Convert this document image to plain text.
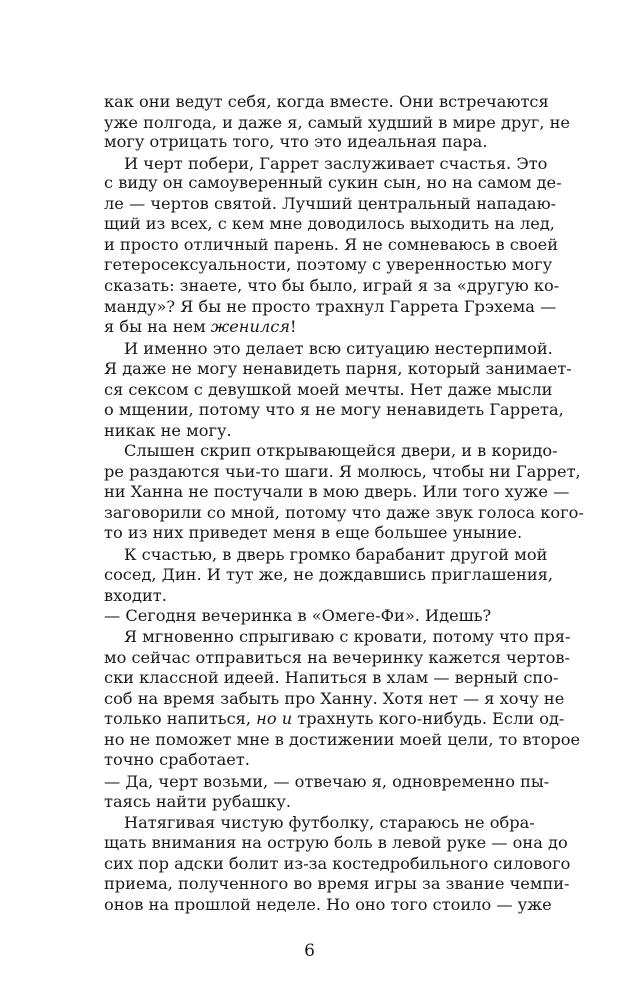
как они ведут себя, когда вместе. Они встречаются
уже полгода, и даже я, самый худший в мире друг, не
могу отрицать того, что это идеальная пара.
И черт побери, Гаррет заслуживает счастья. Это
с виду он самоуверенный сукин сын, но на самом де-
ле — чертов святой. Лучший центральный нападаю-
щий из всех, с кем мне доводилось выходить на лед,
и просто отличный парень. Я не сомневаюсь в своей
гетеросексуальности, поэтому с уверенностью могу
сказать: знаете, что бы было, играй я за «другую ко-
манду»? Я бы не просто трахнул Гаррета Грэхема —
я бы на нем женился!
И именно это делает всю ситуацию нестерпимой.
Я даже не могу ненавидеть парня, который занимает-
ся сексом с девушкой моей мечты. Нет даже мысли
о мщении, потому что я не могу ненавидеть Гаррета,
никак не могу.
Слышен скрип открывающейся двери, и в коридо-
ре раздаются чьи-то шаги. Я молюсь, чтобы ни Гаррет,
ни Ханна не постучали в мою дверь. Или того хуже —
заговорили со мной, потому что даже звук голоса кого-
то из них приведет меня в еще большее уныние.
К счастью, в дверь громко барабанит другой мой
сосед, Дин. И тут же, не дождавшись приглашения,
входит.
— Сегодня вечеринка в «Омеге-Фи». Идешь?
Я мгновенно спрыгиваю с кровати, потому что пря-
мо сейчас отправиться на вечеринку кажется чертов-
ски классной идеей. Напиться в хлам — верный спо-
соб на время забыть про Ханну. Хотя нет — я хочу не
только напиться, но и трахнуть кого-нибудь. Если од-
но не поможет мне в достижении моей цели, то второе
точно сработает.
— Да, черт возьми, — отвечаю я, одновременно пы-
таясь найти рубашку.
Натягивая чистую футболку, стараюсь не обра-
щать внимания на острую боль в левой руке — она до
сих пор адски болит из-за костедробильного силового
приема, полученного во время игры за звание чемпи-
онов на прошлой неделе. Но оно того стоило — уже
6
